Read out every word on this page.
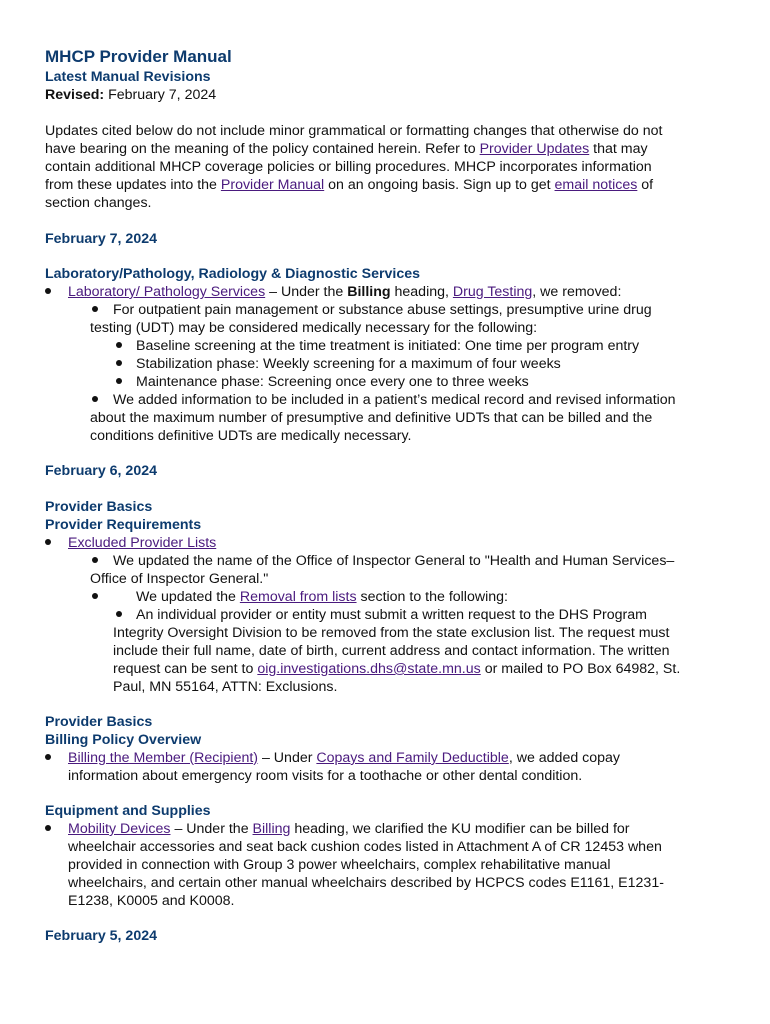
MHCP Provider Manual
Latest Manual Revisions
Revised: February 7, 2024
Updates cited below do not include minor grammatical or formatting changes that otherwise do not
have bearing on the meaning of the policy contained herein. Refer to Provider Updates that may
contain additional MHCP coverage policies or billing procedures. MHCP incorporates information
from these updates into the Provider Manual on an ongoing basis. Sign up to get email notices of
section changes.
February 7, 2024
Laboratory/Pathology, Radiology & Diagnostic Services
Laboratory/ Pathology Services – Under the Billing heading, Drug Testing, we removed:
For outpatient pain management or substance abuse settings, presumptive urine drug
testing (UDT) may be considered medically necessary for the following:
Baseline screening at the time treatment is initiated: One time per program entry
Stabilization phase: Weekly screening for a maximum of four weeks
Maintenance phase: Screening once every one to three weeks
We added information to be included in a patient’s medical record and revised information
about the maximum number of presumptive and definitive UDTs that can be billed and the
conditions definitive UDTs are medically necessary.
February 6, 2024
Provider Basics
Provider Requirements
Excluded Provider Lists
We updated the name of the Office of Inspector General to "Health and Human Services–
Office of Inspector General."
We updated the Removal from lists section to the following:
An individual provider or entity must submit a written request to the DHS Program
Integrity Oversight Division to be removed from the state exclusion list. The request must
include their full name, date of birth, current address and contact information. The written
request can be sent to oig.investigations.dhs@state.mn.us or mailed to PO Box 64982, St.
Paul, MN 55164, ATTN: Exclusions.
Provider Basics
Billing Policy Overview
Billing the Member (Recipient) – Under Copays and Family Deductible, we added copay
information about emergency room visits for a toothache or other dental condition.
Equipment and Supplies
Mobility Devices – Under the Billing heading, we clarified the KU modifier can be billed for
wheelchair accessories and seat back cushion codes listed in Attachment A of CR 12453 when
provided in connection with Group 3 power wheelchairs, complex rehabilitative manual
wheelchairs, and certain other manual wheelchairs described by HCPCS codes E1161, E1231-
E1238, K0005 and K0008.
February 5, 2024
